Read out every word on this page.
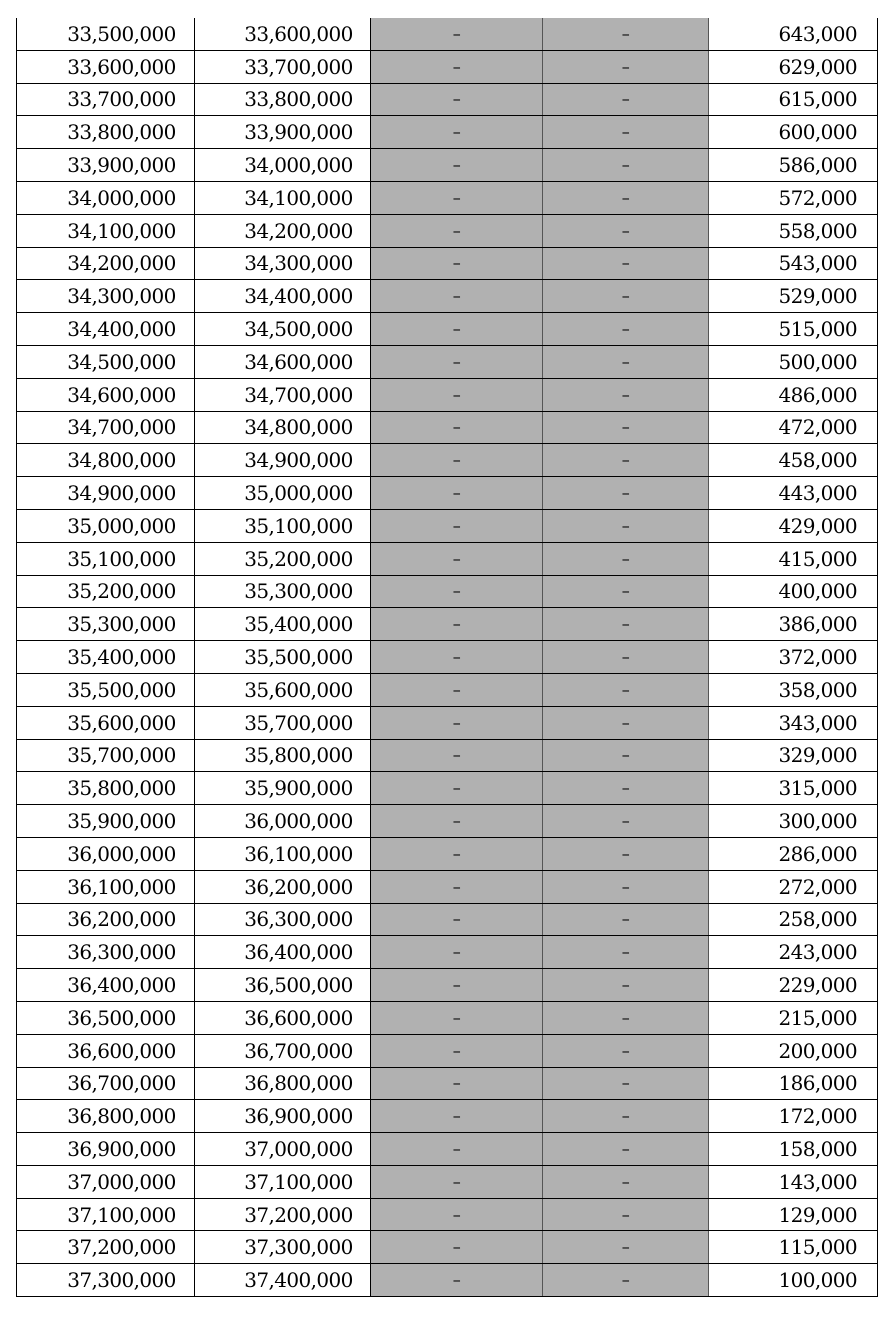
33,500,000	33,600,000	–	–	643,000
33,600,000	33,700,000	–	–	629,000
33,700,000	33,800,000	–	–	615,000
33,800,000	33,900,000	–	–	600,000
33,900,000	34,000,000	–	–	586,000
34,000,000	34,100,000	–	–	572,000
34,100,000	34,200,000	–	–	558,000
34,200,000	34,300,000	–	–	543,000
34,300,000	34,400,000	–	–	529,000
34,400,000	34,500,000	–	–	515,000
34,500,000	34,600,000	–	–	500,000
34,600,000	34,700,000	–	–	486,000
34,700,000	34,800,000	–	–	472,000
34,800,000	34,900,000	–	–	458,000
34,900,000	35,000,000	–	–	443,000
35,000,000	35,100,000	–	–	429,000
35,100,000	35,200,000	–	–	415,000
35,200,000	35,300,000	–	–	400,000
35,300,000	35,400,000	–	–	386,000
35,400,000	35,500,000	–	–	372,000
35,500,000	35,600,000	–	–	358,000
35,600,000	35,700,000	–	–	343,000
35,700,000	35,800,000	–	–	329,000
35,800,000	35,900,000	–	–	315,000
35,900,000	36,000,000	–	–	300,000
36,000,000	36,100,000	–	–	286,000
36,100,000	36,200,000	–	–	272,000
36,200,000	36,300,000	–	–	258,000
36,300,000	36,400,000	–	–	243,000
36,400,000	36,500,000	–	–	229,000
36,500,000	36,600,000	–	–	215,000
36,600,000	36,700,000	–	–	200,000
36,700,000	36,800,000	–	–	186,000
36,800,000	36,900,000	–	–	172,000
36,900,000	37,000,000	–	–	158,000
37,000,000	37,100,000	–	–	143,000
37,100,000	37,200,000	–	–	129,000
37,200,000	37,300,000	–	–	115,000
37,300,000	37,400,000	–	–	100,000
